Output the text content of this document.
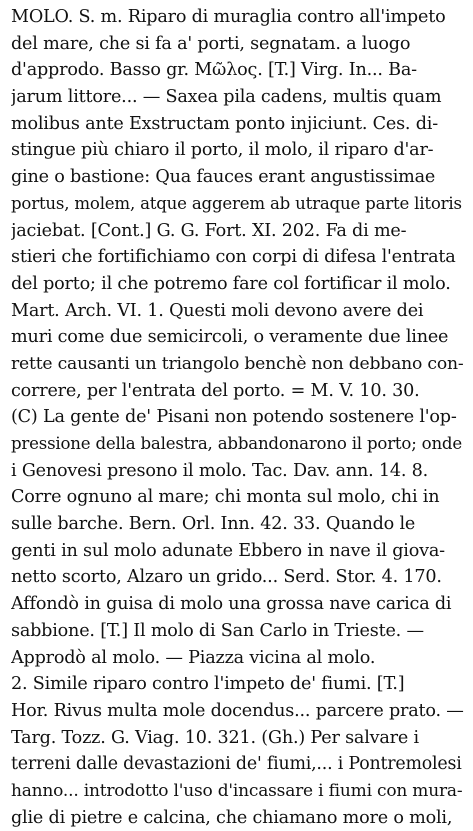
MOLO. S. m. Riparo di muraglia contro all'impeto
del mare, che si fa a' porti, segnatam. a luogo
d'approdo. Basso gr. Μῶλος. [T.] Virg. In... Ba-
jarum littore... — Saxea pila cadens, multis quam
molibus ante Exstructam ponto injiciunt. Ces. di-
stingue più chiaro il porto, il molo, il riparo d'ar-
gine o bastione: Qua fauces erant angustissimae
portus, molem, atque aggerem ab utraque parte litoris
jaciebat. [Cont.] G. G. Fort. XI. 202. Fa di me-
stieri che fortifichiamo con corpi di difesa l'entrata
del porto; il che potremo fare col fortificar il molo.
Mart. Arch. VI. 1. Questi moli devono avere dei
muri come due semicircoli, o veramente due linee
rette causanti un triangolo benchè non debbano con-
correre, per l'entrata del porto. = M. V. 10. 30.
(C) La gente de' Pisani non potendo sostenere l'op-
pressione della balestra, abbandonarono il porto; onde
i Genovesi presono il molo. Tac. Dav. ann. 14. 8.
Corre ognuno al mare; chi monta sul molo, chi in
sulle barche. Bern. Orl. Inn. 42. 33. Quando le
genti in sul molo adunate Ebbero in nave il giova-
netto scorto, Alzaro un grido... Serd. Stor. 4. 170.
Affondò in guisa di molo una grossa nave carica di
sabbione. [T.] Il molo di San Carlo in Trieste. —
Approdò al molo. — Piazza vicina al molo.
2. Simile riparo contro l'impeto de' fiumi. [T.]
Hor. Rivus multa mole docendus... parcere prato. —
Targ. Tozz. G. Viag. 10. 321. (Gh.) Per salvare i
terreni dalle devastazioni de' fiumi,... i Pontremolesi
hanno... introdotto l'uso d'incassare i fiumi con mura-
glie di pietre e calcina, che chiamano more o moli,
